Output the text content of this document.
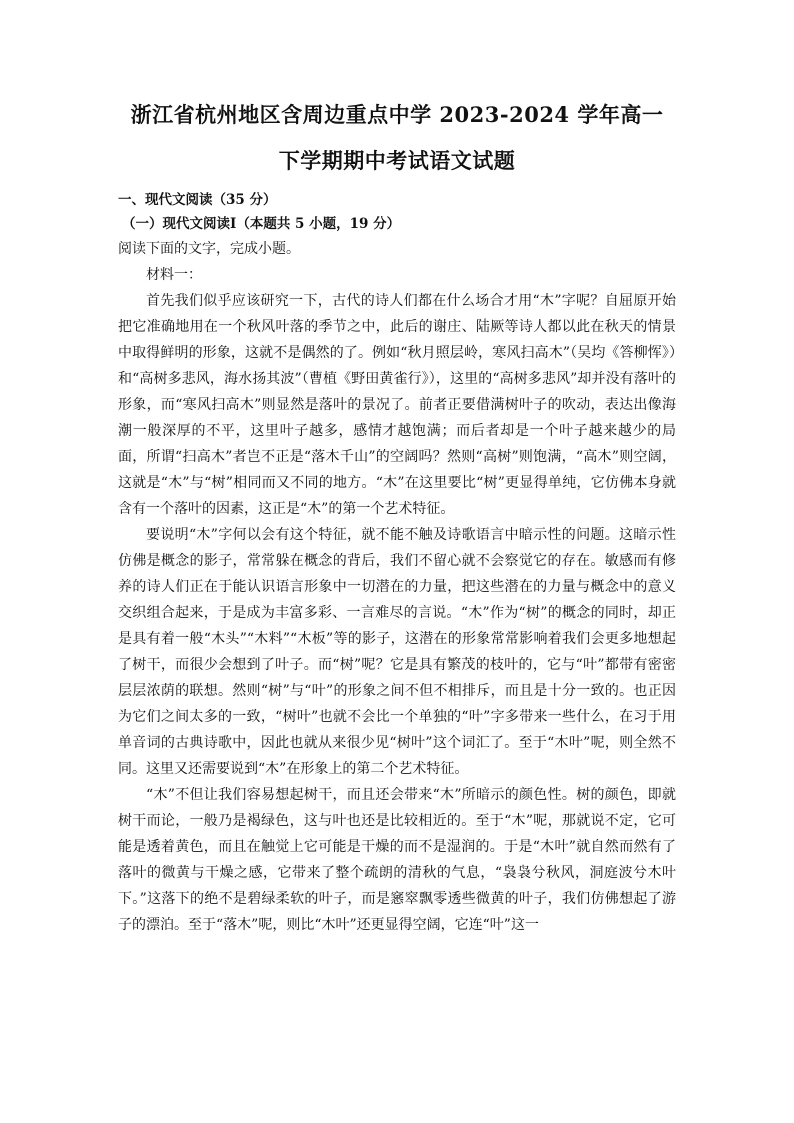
浙江省杭州地区含周边重点中学 2023-2024 学年高一
下学期期中考试语文试题
一、现代文阅读（35 分）
（一）现代文阅读Ⅰ（本题共 5 小题，19 分）
阅读下面的文字，完成小题。
材料一：

首先我们似乎应该研究一下，古代的诗人们都在什么场合才用“木”字呢？自屈原开始把它准确地用在一个秋风叶落的季节之中，此后的谢庄、陆厥等诗人都以此在秋天的情景中取得鲜明的形象，这就不是偶然的了。例如“秋月照层岭，寒风扫高木”（吴均《答柳恽》）和“高树多悲风，海水扬其波”（曹植《野田黄雀行》），这里的“高树多悲风”却并没有落叶的形象，而“寒风扫高木”则显然是落叶的景况了。前者正要借满树叶子的吹动，表达出像海潮一般深厚的不平，这里叶子越多，感情才越饱满；而后者却是一个叶子越来越少的局面，所谓“扫高木”者岂不正是“落木千山”的空阔吗？然则“高树”则饱满，“高木”则空阔，这就是“木”与“树”相同而又不同的地方。“木”在这里要比“树”更显得单纯，它仿佛本身就含有一个落叶的因素，这正是“木”的第一个艺术特征。

要说明“木”字何以会有这个特征，就不能不触及诗歌语言中暗示性的问题。这暗示性仿佛是概念的影子，常常躲在概念的背后，我们不留心就不会察觉它的存在。敏感而有修养的诗人们正在于能认识语言形象中一切潜在的力量，把这些潜在的力量与概念中的意义交织组合起来，于是成为丰富多彩、一言难尽的言说。“木”作为“树”的概念的同时，却正是具有着一般“木头”“木料”“木板”等的影子，这潜在的形象常常影响着我们会更多地想起了树干，而很少会想到了叶子。而“树”呢？它是具有繁茂的枝叶的，它与“叶”都带有密密层层浓荫的联想。然则“树”与“叶”的形象之间不但不相排斥，而且是十分一致的。也正因为它们之间太多的一致，“树叶”也就不会比一个单独的“叶”字多带来一些什么，在习于用单音词的古典诗歌中，因此也就从来很少见“树叶”这个词汇了。至于“木叶”呢，则全然不同。这里又还需要说到“木”在形象上的第二个艺术特征。

“木”不但让我们容易想起树干，而且还会带来“木”所暗示的颜色性。树的颜色，即就树干而论，一般乃是褐绿色，这与叶也还是比较相近的。至于“木”呢，那就说不定，它可能是透着黄色，而且在触觉上它可能是干燥的而不是湿润的。于是“木叶”就自然而然有了落叶的微黄与干燥之感，它带来了整个疏朗的清秋的气息，“袅袅兮秋风，洞庭波兮木叶下。”这落下的绝不是碧绿柔软的叶子，而是窸窣飘零透些微黄的叶子，我们仿佛想起了游子的漂泊。至于“落木”呢，则比“木叶”还更显得空阔，它连“叶”这一
